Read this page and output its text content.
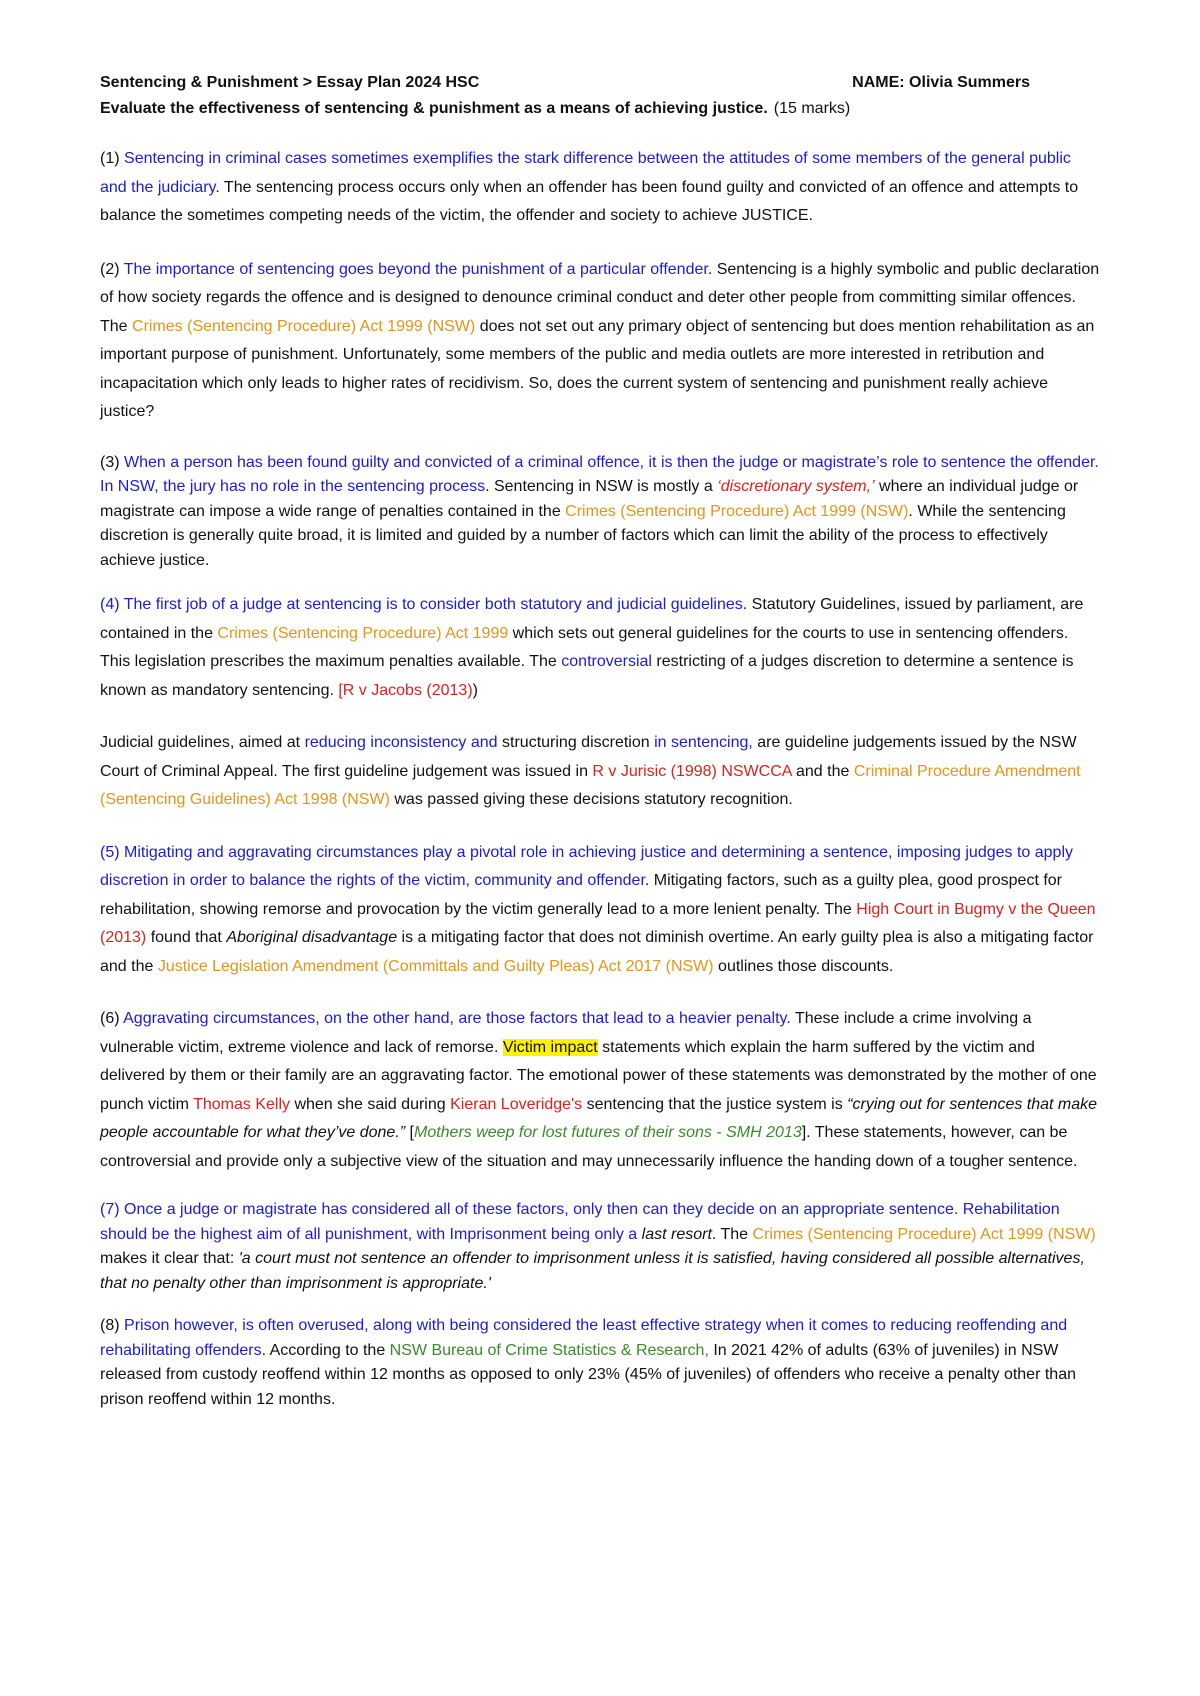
Sentencing & Punishment > Essay Plan 2024 HSC	NAME: Olivia Summers
Evaluate the effectiveness of sentencing & punishment as a means of achieving justice. (15 marks)

(1) Sentencing in criminal cases sometimes exemplifies the stark difference between the attitudes of some members of the general public and the judiciary. The sentencing process occurs only when an offender has been found guilty and convicted of an offence and attempts to balance the sometimes competing needs of the victim, the offender and society to achieve JUSTICE.

(2) The importance of sentencing goes beyond the punishment of a particular offender. Sentencing is a highly symbolic and public declaration of how society regards the offence and is designed to denounce criminal conduct and deter other people from committing similar offences. The Crimes (Sentencing Procedure) Act 1999 (NSW) does not set out any primary object of sentencing but does mention rehabilitation as an important purpose of punishment. Unfortunately, some members of the public and media outlets are more interested in retribution and incapacitation which only leads to higher rates of recidivism. So, does the current system of sentencing and punishment really achieve justice?

(3) When a person has been found guilty and convicted of a criminal offence, it is then the judge or magistrate’s role to sentence the offender. In NSW, the jury has no role in the sentencing process. Sentencing in NSW is mostly a ‘discretionary system,’ where an individual judge or magistrate can impose a wide range of penalties contained in the Crimes (Sentencing Procedure) Act 1999 (NSW). While the sentencing discretion is generally quite broad, it is limited and guided by a number of factors which can limit the ability of the process to effectively achieve justice.

(4) The first job of a judge at sentencing is to consider both statutory and judicial guidelines. Statutory Guidelines, issued by parliament, are contained in the Crimes (Sentencing Procedure) Act 1999 which sets out general guidelines for the courts to use in sentencing offenders. This legislation prescribes the maximum penalties available. The controversial restricting of a judges discretion to determine a sentence is known as mandatory sentencing. [R v Jacobs (2013))

Judicial guidelines, aimed at reducing inconsistency and structuring discretion in sentencing, are guideline judgements issued by the NSW Court of Criminal Appeal. The first guideline judgement was issued in R v Jurisic (1998) NSWCCA and the Criminal Procedure Amendment (Sentencing Guidelines) Act 1998 (NSW) was passed giving these decisions statutory recognition.

(5) Mitigating and aggravating circumstances play a pivotal role in achieving justice and determining a sentence, imposing judges to apply discretion in order to balance the rights of the victim, community and offender. Mitigating factors, such as a guilty plea, good prospect for rehabilitation, showing remorse and provocation by the victim generally lead to a more lenient penalty. The High Court in Bugmy v the Queen (2013) found that Aboriginal disadvantage is a mitigating factor that does not diminish overtime. An early guilty plea is also a mitigating factor and the Justice Legislation Amendment (Committals and Guilty Pleas) Act 2017 (NSW) outlines those discounts.

(6) Aggravating circumstances, on the other hand, are those factors that lead to a heavier penalty. These include a crime involving a vulnerable victim, extreme violence and lack of remorse. Victim impact statements which explain the harm suffered by the victim and delivered by them or their family are an aggravating factor. The emotional power of these statements was demonstrated by the mother of one punch victim Thomas Kelly when she said during Kieran Loveridge's sentencing that the justice system is “crying out for sentences that make people accountable for what they’ve done.” [Mothers weep for lost futures of their sons - SMH 2013]. These statements, however, can be controversial and provide only a subjective view of the situation and may unnecessarily influence the handing down of a tougher sentence.

(7) Once a judge or magistrate has considered all of these factors, only then can they decide on an appropriate sentence. Rehabilitation should be the highest aim of all punishment, with Imprisonment being only a last resort. The Crimes (Sentencing Procedure) Act 1999 (NSW) makes it clear that: 'a court must not sentence an offender to imprisonment unless it is satisfied, having considered all possible alternatives, that no penalty other than imprisonment is appropriate.'

(8) Prison however, is often overused, along with being considered the least effective strategy when it comes to reducing reoffending and rehabilitating offenders. According to the NSW Bureau of Crime Statistics & Research, In 2021 42% of adults (63% of juveniles) in NSW released from custody reoffend within 12 months as opposed to only 23% (45% of juveniles) of offenders who receive a penalty other than prison reoffend within 12 months.
